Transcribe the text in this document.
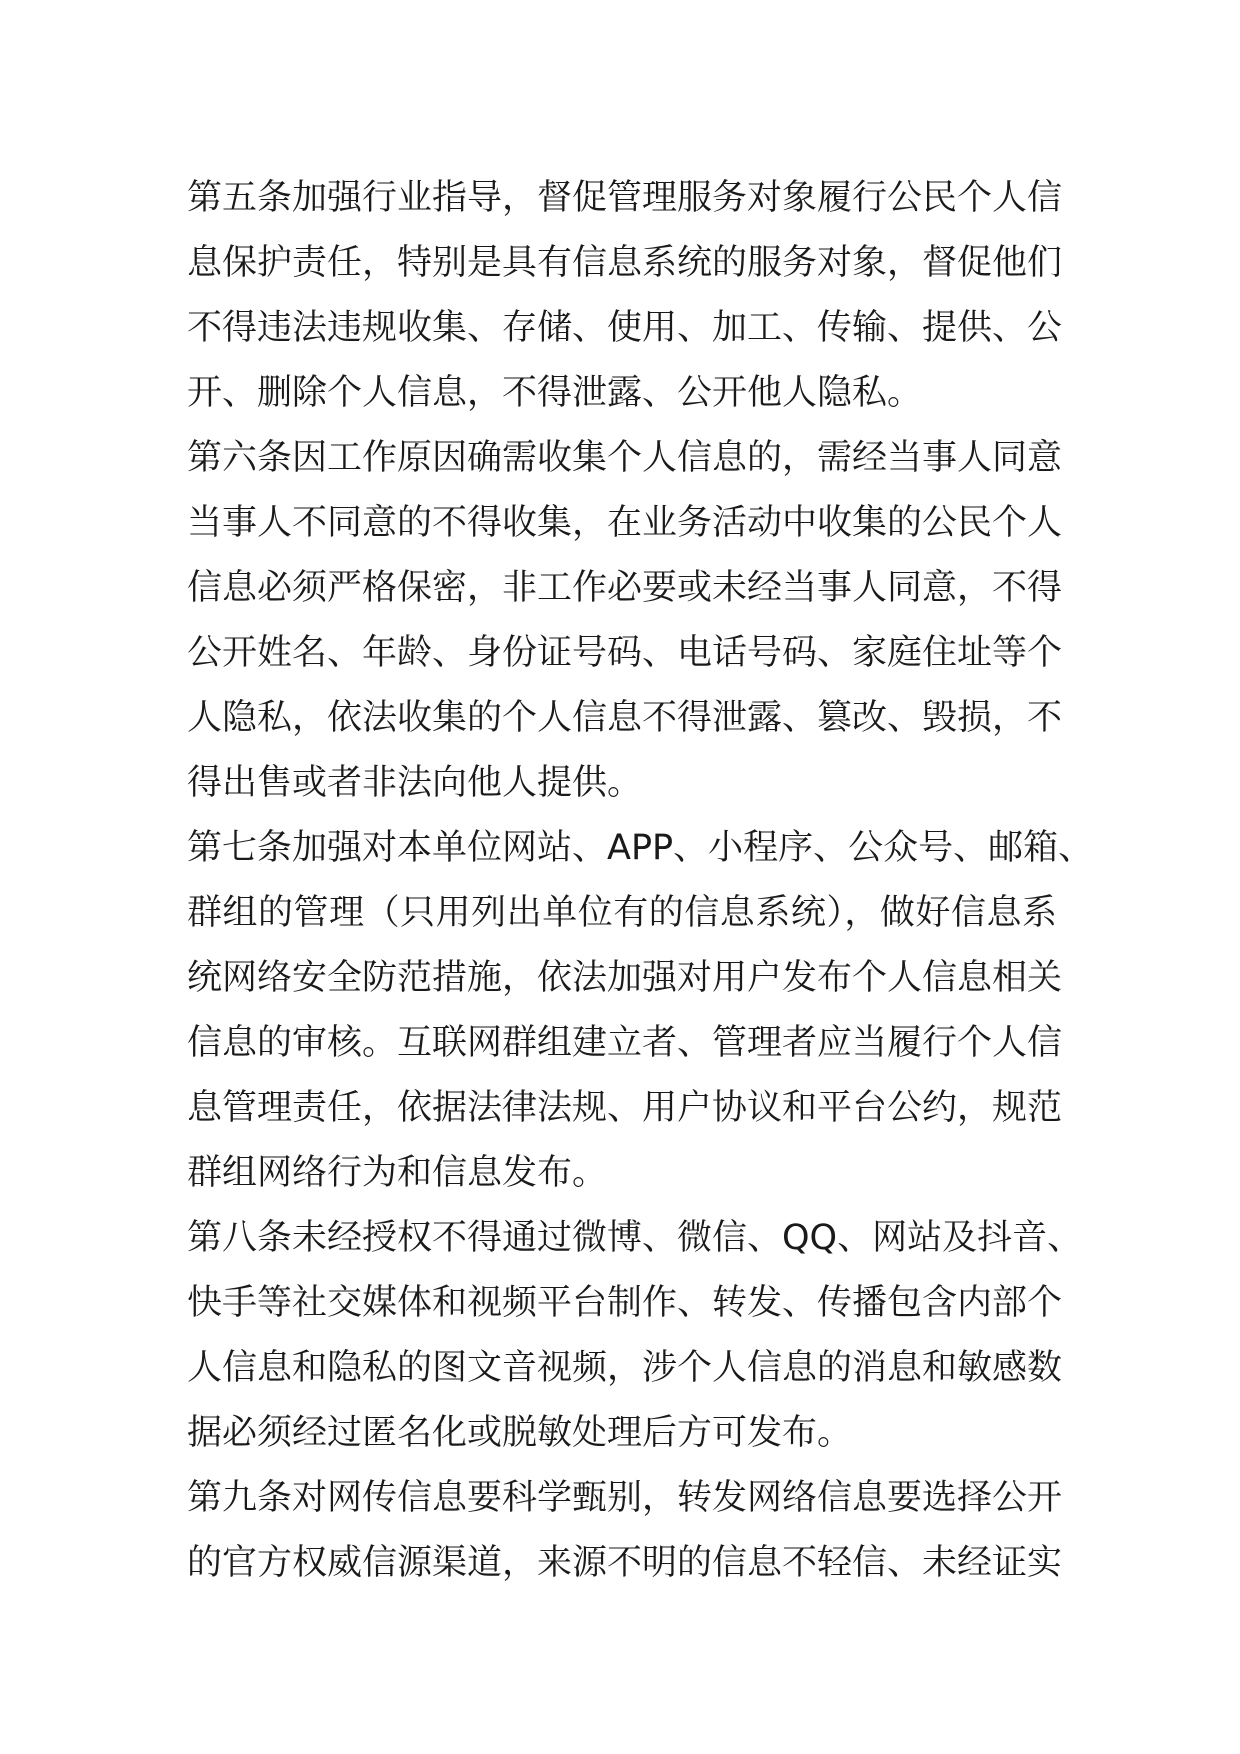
第五条加强行业指导，督促管理服务对象履行公民个人信
息保护责任，特别是具有信息系统的服务对象，督促他们
不得违法违规收集、存储、使用、加工、传输、提供、公
开、删除个人信息，不得泄露、公开他人隐私。
第六条因工作原因确需收集个人信息的，需经当事人同意
当事人不同意的不得收集，在业务活动中收集的公民个人
信息必须严格保密，非工作必要或未经当事人同意，不得
公开姓名、年龄、身份证号码、电话号码、家庭住址等个
人隐私，依法收集的个人信息不得泄露、篡改、毁损，不
得出售或者非法向他人提供。
第七条加强对本单位网站、APP、小程序、公众号、邮箱、
群组的管理（只用列出单位有的信息系统），做好信息系
统网络安全防范措施，依法加强对用户发布个人信息相关
信息的审核。互联网群组建立者、管理者应当履行个人信
息管理责任，依据法律法规、用户协议和平台公约，规范
群组网络行为和信息发布。
第八条未经授权不得通过微博、微信、QQ、网站及抖音、
快手等社交媒体和视频平台制作、转发、传播包含内部个
人信息和隐私的图文音视频，涉个人信息的消息和敏感数
据必须经过匿名化或脱敏处理后方可发布。
第九条对网传信息要科学甄别，转发网络信息要选择公开
的官方权威信源渠道，来源不明的信息不轻信、未经证实
